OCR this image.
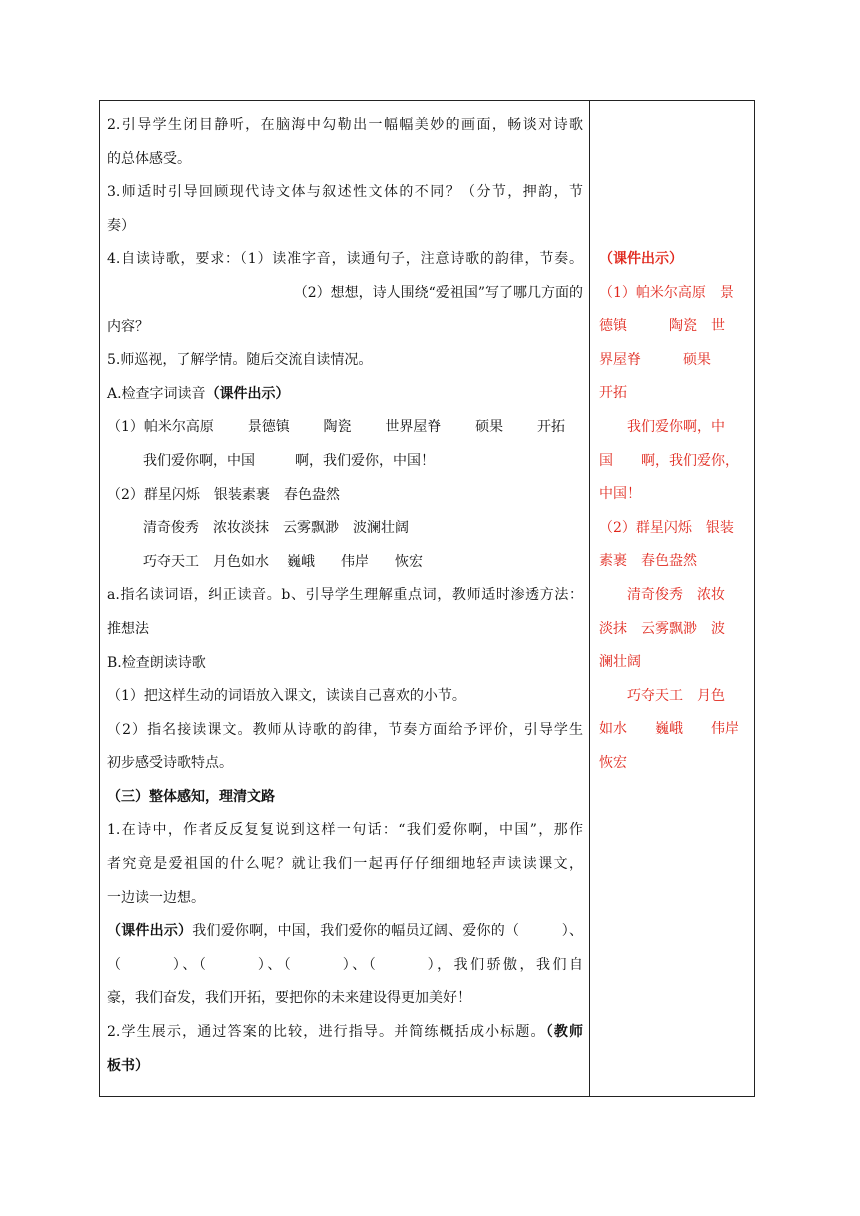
2.引导学生闭目静听，在脑海中勾勒出一幅幅美妙的画面，畅谈对诗歌

的总体感受。

3.师适时引导回顾现代诗文体与叙述性文体的不同？（分节，押韵，节

奏）

4.自读诗歌，要求：（1）读准字音，读通句子，注意诗歌的韵律，节奏。

（2）想想，诗人围绕“爱祖国”写了哪几方面的

内容？

5.师巡视，了解学情。随后交流自读情况。

A.检查字词读音（课件出示）

（1）帕米尔高原 景德镇 陶瓷 世界屋脊 硕果 开拓

我们爱你啊，中国	啊，我们爱你，中国！

（2）群星闪烁 银装素裹 春色盎然

清奇俊秀 浓妆淡抹 云雾飘渺 波澜壮阔

巧夺天工 月色如水 巍峨 伟岸 恢宏

a.指名读词语，纠正读音。b、引导学生理解重点词，教师适时渗透方法：

推想法

B.检查朗读诗歌

（1）把这样生动的词语放入课文，读读自己喜欢的小节。

（2）指名接读课文。教师从诗歌的韵律，节奏方面给予评价，引导学生

初步感受诗歌特点。

（三）整体感知，理清文路

1.在诗中，作者反反复复说到这样一句话：“我们爱你啊，中国”，那作

者究竟是爱祖国的什么呢？就让我们一起再仔仔细细地轻声读读课文，

一边读一边想。

（课件出示）我们爱你啊，中国，我们爱你的幅员辽阔、爱你的（　　　）、

（　　　）、（　　　）、（　　　）、（　　　），我们骄傲，我们自

豪，我们奋发，我们开拓，要把你的未来建设得更加美好！

2.学生展示，通过答案的比较，进行指导。并简练概括成小标题。（教师

板书）

（课件出示）

（1）帕米尔高原　景

德镇　　　陶瓷　世

界屋脊　　　硕果

开拓

　　我们爱你啊，中

国　　啊，我们爱你，

中国！

（2）群星闪烁　银装

素裹　春色盎然

　　清奇俊秀　浓妆

淡抹　云雾飘渺　波

澜壮阔

　　巧夺天工　月色

如水　　巍峨　　伟岸

恢宏
